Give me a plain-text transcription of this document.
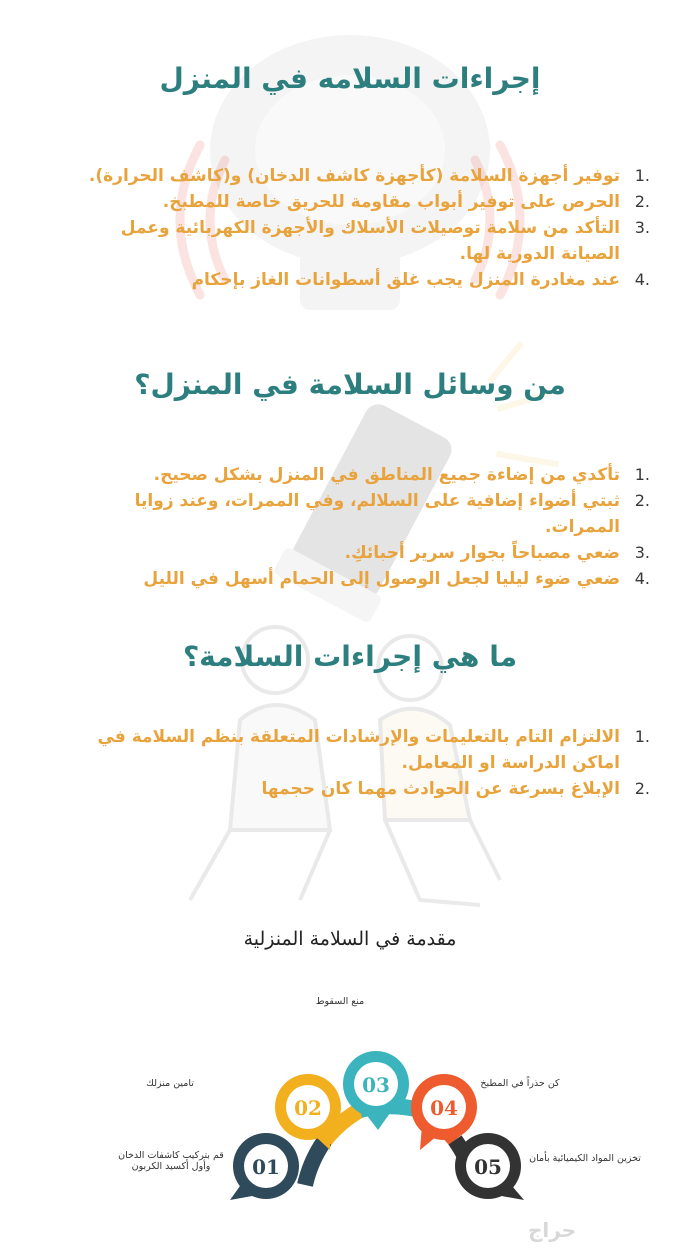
إجراءات السلامه في المنزل
1.
توفير أجهزة السلامة (كأجهزة كاشف الدخان) و(كاشف الحرارة).
2.
الحرص على توفير أبواب مقاومة للحريق خاصة للمطبخ.
3.
التأكد من سلامة توصيلات الأسلاك والأجهزة الكهربائية وعمل الصيانة الدورية لها.
4.
عند مغادرة المنزل يجب غلق أسطوانات الغاز بإحكام
من وسائل السلامة في المنزل؟
1.
تأكدي من إضاءة جميع المناطق في المنزل بشكل صحيح.
2.
ثبتي أضواء إضافية على السلالم، وفي الممرات، وعند زوايا الممرات.
3.
ضعي مصباحاً بجوار سرير أحبائكِ.
4.
ضعي ضوء ليليا لجعل الوصول إلى الحمام أسهل في الليل
ما هي إجراءات السلامة؟
1.
الالتزام التام بالتعليمات والإرشادات المتعلقة بنظم السلامة في اماكن الدراسة او المعامل.
2.
الإبلاغ بسرعة عن الحوادث مهما كان حجمها
مقدمة في السلامة المنزلية
01
02
03
04
05
قم بتركيب كاشفات الدخان وأول أكسيد الكربون
تامين منزلك
منع السقوط
كن حذراً في المطبخ
تخزين المواد الكيميائية بأمان
حراج
